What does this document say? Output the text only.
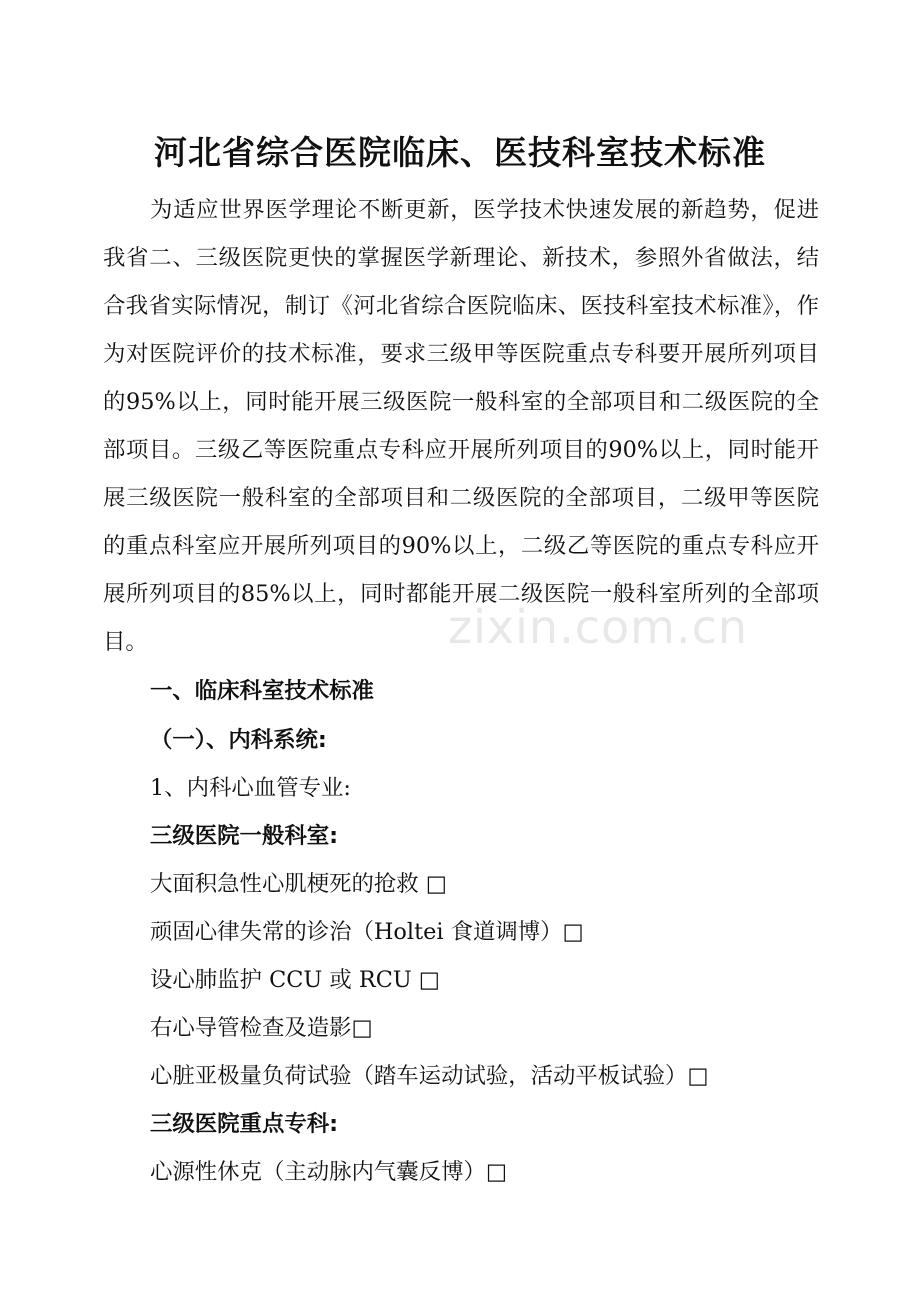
河北省综合医院临床、医技科室技术标准

为适应世界医学理论不断更新，医学技术快速发展的新趋势，促进我省二、三级医院更快的掌握医学新理论、新技术，参照外省做法，结合我省实际情况，制订《河北省综合医院临床、医技科室技术标准》，作为对医院评价的技术标准，要求三级甲等医院重点专科要开展所列项目的95%以上，同时能开展三级医院一般科室的全部项目和二级医院的全部项目。三级乙等医院重点专科应开展所列项目的90%以上，同时能开展三级医院一般科室的全部项目和二级医院的全部项目，二级甲等医院的重点科室应开展所列项目的90%以上，二级乙等医院的重点专科应开展所列项目的85%以上，同时都能开展二级医院一般科室所列的全部项目。

一、临床科室技术标准

（一）、内科系统:

1、内科心血管专业:

三级医院一般科室:

大面积急性心肌梗死的抢救 □

顽固心律失常的诊治（Holtei 食道调博）□

设心肺监护 CCU 或 RCU □

右心导管检查及造影□

心脏亚极量负荷试验（踏车运动试验，活动平板试验）□

三级医院重点专科:

心源性休克（主动脉内气囊反博）□

zixin.com.cn
